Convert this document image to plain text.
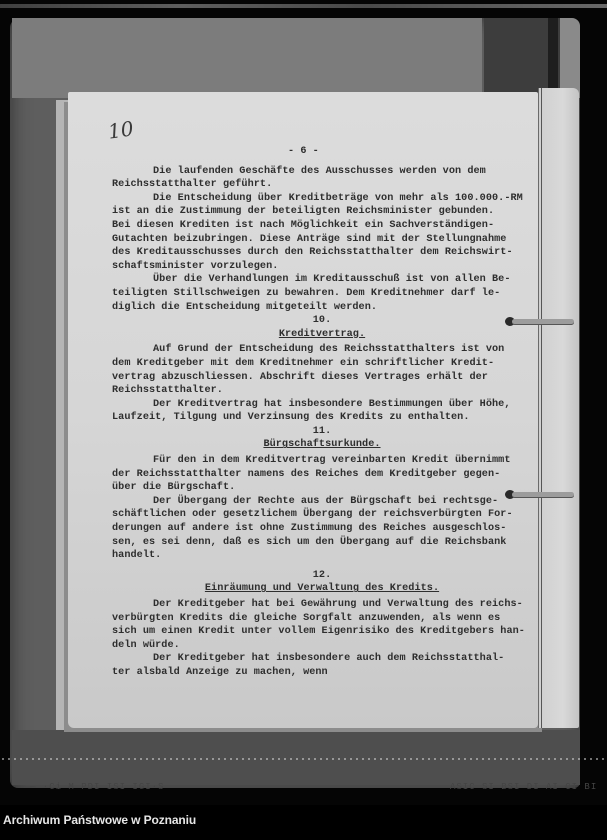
— ·Ci M PDI ISI IGI·S	ASIC SI BSI DI AI CI BI
10

- 6 -

Die laufenden Geschäfte des Ausschusses werden von dem

Reichsstatthalter geführt.

Die Entscheidung über Kreditbeträge von mehr als 100.000.-RM

ist an die Zustimmung der beteiligten Reichsminister gebunden.

Bei diesen Krediten ist nach Möglichkeit ein Sachverständigen-

Gutachten beizubringen. Diese Anträge sind mit der Stellungnahme

des Kreditausschusses durch den Reichsstatthalter dem Reichswirt-

schaftsminister vorzulegen.

Über die Verhandlungen im Kreditausschuß ist von allen Be-

teiligten Stillschweigen zu bewahren. Dem Kreditnehmer darf le-

diglich die Entscheidung mitgeteilt werden.

10.

Kreditvertrag.

Auf Grund der Entscheidung des Reichsstatthalters ist von

dem Kreditgeber mit dem Kreditnehmer ein schriftlicher Kredit-

vertrag abzuschliessen. Abschrift dieses Vertrages erhält der

Reichsstatthalter.

Der Kreditvertrag hat insbesondere Bestimmungen über Höhe,

Laufzeit, Tilgung und Verzinsung des Kredits zu enthalten.

11.

Bürgschaftsurkunde.

Für den in dem Kreditvertrag vereinbarten Kredit übernimmt

der Reichsstatthalter namens des Reiches dem Kreditgeber gegen-

über die Bürgschaft.

Der Übergang der Rechte aus der Bürgschaft bei rechtsge-

schäftlichen oder gesetzlichem Übergang der reichsverbürgten For-

derungen auf andere ist ohne Zustimmung des Reiches ausgeschlos-

sen, es sei denn, daß es sich um den Übergang auf die Reichsbank

handelt.

12.

Einräumung und Verwaltung des Kredits.

Der Kreditgeber hat bei Gewährung und Verwaltung des reichs-

verbürgten Kredits die gleiche Sorgfalt anzuwenden, als wenn es

sich um einen Kredit unter vollem Eigenrisiko des Kreditgebers han-

deln würde.

Der Kreditgeber hat insbesondere auch dem Reichsstatthal-

ter alsbald Anzeige zu machen, wenn

Archiwum Państwowe w Poznaniu
